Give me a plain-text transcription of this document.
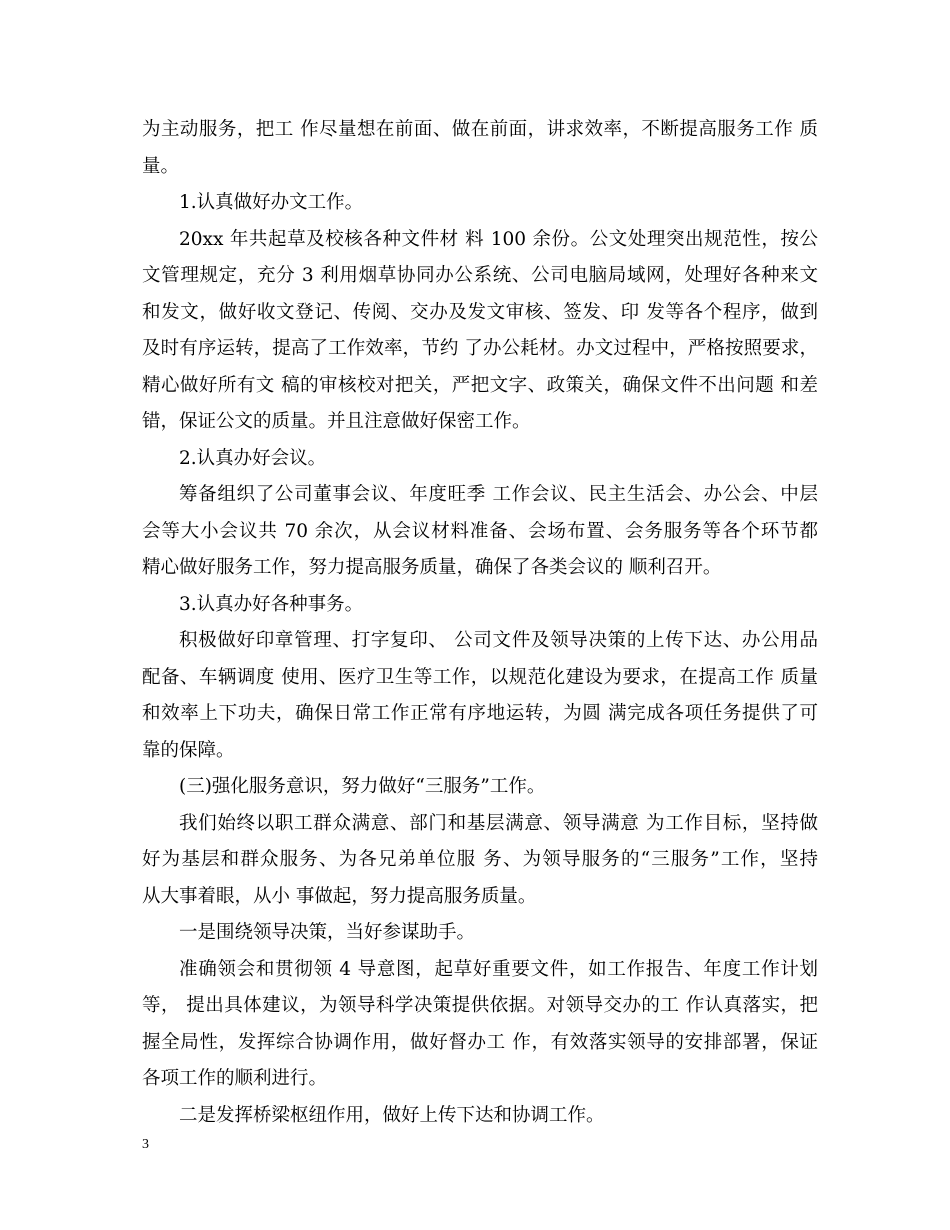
为主动服务，把工 作尽量想在前面、做在前面，讲求效率，不断提高服务工作 质
量。
1.认真做好办文工作。
20xx 年共起草及校核各种文件材 料 100 余份。公文处理突出规范性，按公
文管理规定，充分 3 利用烟草协同办公系统、公司电脑局域网，处理好各种来文
和发文，做好收文登记、传阅、交办及发文审核、签发、印 发等各个程序，做到
及时有序运转，提高了工作效率，节约 了办公耗材。办文过程中，严格按照要求，
精心做好所有文 稿的审核校对把关，严把文字、政策关，确保文件不出问题 和差
错，保证公文的质量。并且注意做好保密工作。
2.认真办好会议。
筹备组织了公司董事会议、年度旺季 工作会议、民主生活会、办公会、中层
会等大小会议共 70 余次，从会议材料准备、会场布置、会务服务等各个环节都
精心做好服务工作，努力提高服务质量，确保了各类会议的 顺利召开。
3.认真办好各种事务。
积极做好印章管理、打字复印、 公司文件及领导决策的上传下达、办公用品
配备、车辆调度 使用、医疗卫生等工作，以规范化建设为要求，在提高工作 质量
和效率上下功夫，确保日常工作正常有序地运转，为圆 满完成各项任务提供了可
靠的保障。
(三)强化服务意识，努力做好“三服务”工作。
我们始终以职工群众满意、部门和基层满意、领导满意 为工作目标，坚持做
好为基层和群众服务、为各兄弟单位服 务、为领导服务的“三服务”工作，坚持
从大事着眼，从小 事做起，努力提高服务质量。
一是围绕领导决策，当好参谋助手。
准确领会和贯彻领 4 导意图，起草好重要文件，如工作报告、年度工作计划
等， 提出具体建议，为领导科学决策提供依据。对领导交办的工 作认真落实，把
握全局性，发挥综合协调作用，做好督办工 作，有效落实领导的安排部署，保证
各项工作的顺利进行。
二是发挥桥梁枢纽作用，做好上传下达和协调工作。
3
